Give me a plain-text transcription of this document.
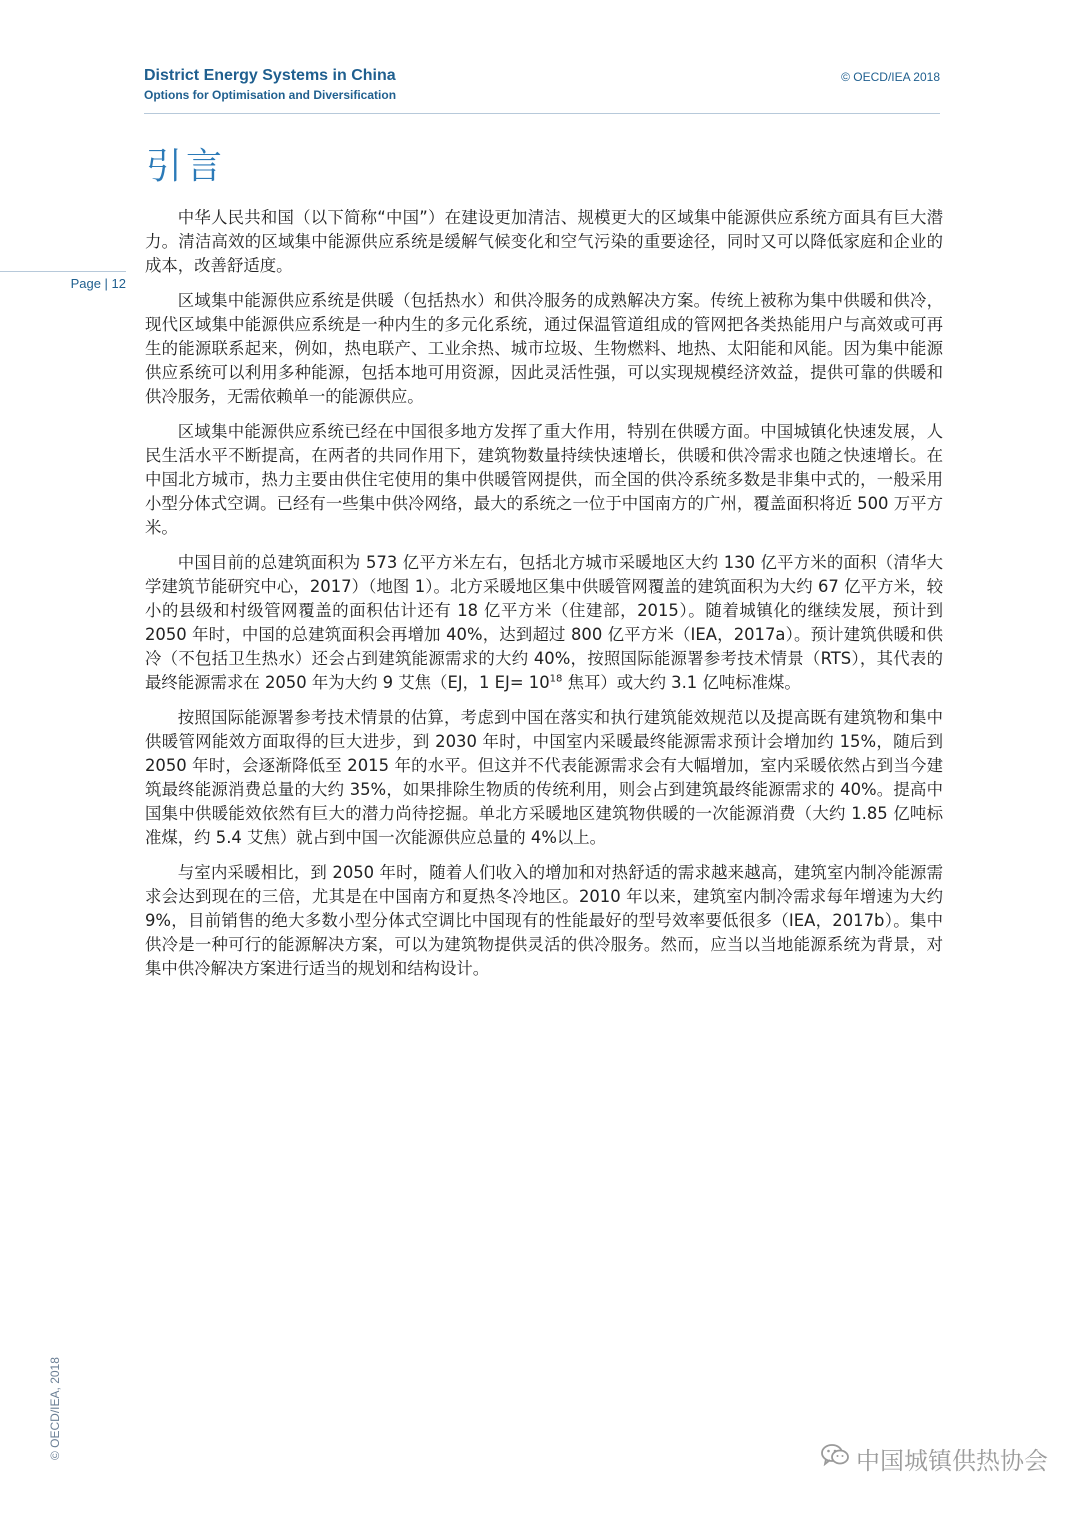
District Energy Systems in China
Options for Optimisation and Diversification
© OECD/IEA 2018
引言
Page | 12

中华人民共和国（以下简称“中国”）在建设更加清洁、规模更大的区域集中能源供应系统方面具有巨大潜力。清洁高效的区域集中能源供应系统是缓解气候变化和空气污染的重要途径，同时又可以降低家庭和企业的成本，改善舒适度。

区域集中能源供应系统是供暖（包括热水）和供冷服务的成熟解决方案。传统上被称为集中供暖和供冷，现代区域集中能源供应系统是一种内生的多元化系统，通过保温管道组成的管网把各类热能用户与高效或可再生的能源联系起来，例如，热电联产、工业余热、城市垃圾、生物燃料、地热、太阳能和风能。因为集中能源供应系统可以利用多种能源，包括本地可用资源，因此灵活性强，可以实现规模经济效益，提供可靠的供暖和供冷服务，无需依赖单一的能源供应。

区域集中能源供应系统已经在中国很多地方发挥了重大作用，特别在供暖方面。中国城镇化快速发展，人民生活水平不断提高，在两者的共同作用下，建筑物数量持续快速增长，供暖和供冷需求也随之快速增长。在中国北方城市，热力主要由供住宅使用的集中供暖管网提供，而全国的供冷系统多数是非集中式的，一般采用小型分体式空调。已经有一些集中供冷网络，最大的系统之一位于中国南方的广州，覆盖面积将近 500 万平方米。

中国目前的总建筑面积为 573 亿平方米左右，包括北方城市采暖地区大约 130 亿平方米的面积（清华大学建筑节能研究中心，2017）（地图 1）。北方采暖地区集中供暖管网覆盖的建筑面积为大约 67 亿平方米，较小的县级和村级管网覆盖的面积估计还有 18 亿平方米（住建部，2015）。随着城镇化的继续发展，预计到 2050 年时，中国的总建筑面积会再增加 40%，达到超过 800 亿平方米（IEA，2017a）。预计建筑供暖和供冷（不包括卫生热水）还会占到建筑能源需求的大约 40%，按照国际能源署参考技术情景（RTS），其代表的最终能源需求在 2050 年为大约 9 艾焦（EJ，1 $EJ= 10^{18}$ 焦耳）或大约 3.1 亿吨标准煤。

按照国际能源署参考技术情景的估算，考虑到中国在落实和执行建筑能效规范以及提高既有建筑物和集中供暖管网能效方面取得的巨大进步，到 2030 年时，中国室内采暖最终能源需求预计会增加约 15%，随后到 2050 年时，会逐渐降低至 2015 年的水平。但这并不代表能源需求会有大幅增加，室内采暖依然占到当今建筑最终能源消费总量的大约 35%，如果排除生物质的传统利用，则会占到建筑最终能源需求的 40%。提高中国集中供暖能效依然有巨大的潜力尚待挖掘。单北方采暖地区建筑物供暖的一次能源消费（大约 1.85 亿吨标准煤，约 5.4 艾焦）就占到中国一次能源供应总量的 4%以上。

与室内采暖相比，到 2050 年时，随着人们收入的增加和对热舒适的需求越来越高，建筑室内制冷能源需求会达到现在的三倍，尤其是在中国南方和夏热冬冷地区。2010 年以来，建筑室内制冷需求每年增速为大约 9%，目前销售的绝大多数小型分体式空调比中国现有的性能最好的型号效率要低很多（IEA，2017b）。集中供冷是一种可行的能源解决方案，可以为建筑物提供灵活的供冷服务。然而，应当以当地能源系统为背景，对集中供冷解决方案进行适当的规划和结构设计。

© OECD/IEA, 2018
中国城镇供热协会
